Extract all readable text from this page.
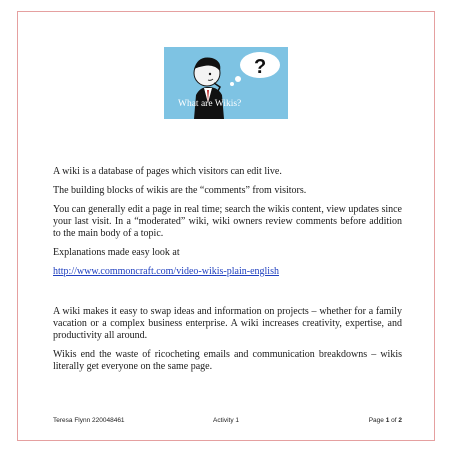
?
What are Wikis?

A wiki is a database of pages which visitors can edit live.

The building blocks of wikis are the “comments” from visitors.

You can generally edit a page in real time; search the wikis content, view updates since your last visit. In a “moderated” wiki, wiki owners review comments before addition to the main body of a topic.

Explanations made easy look at

http://www.commoncraft.com/video-wikis-plain-english

A wiki makes it easy to swap ideas and information on projects – whether for a family vacation or a complex business enterprise. A wiki increases creativity, expertise, and productivity all around.

Wikis end the waste of ricocheting emails and communication breakdowns – wikis literally get everyone on the same page.

Teresa Flynn 220048461	Activity 1	Page 1 of 2
